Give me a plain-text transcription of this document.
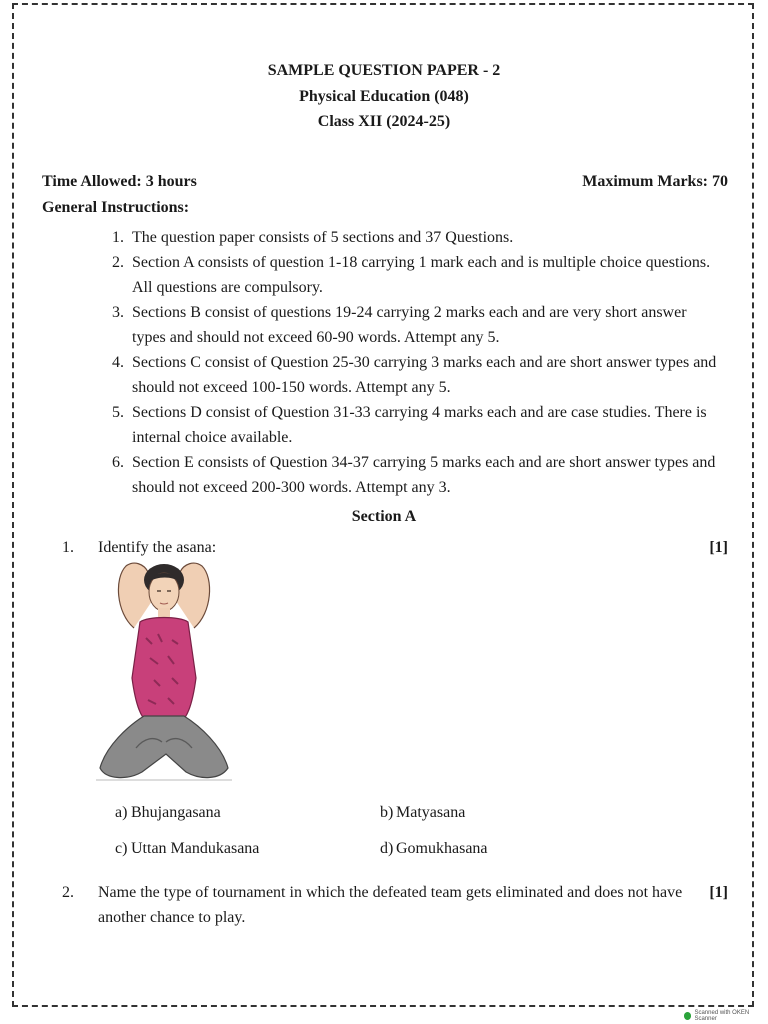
SAMPLE QUESTION PAPER - 2
Physical Education (048)
Class XII (2024-25)
Time Allowed: 3 hours	Maximum Marks: 70
General Instructions:
1. The question paper consists of 5 sections and 37 Questions.
2. Section A consists of question 1-18 carrying 1 mark each and is multiple choice questions. All questions are compulsory.
3. Sections B consist of questions 19-24 carrying 2 marks each and are very short answer types and should not exceed 60-90 words. Attempt any 5.
4. Sections C consist of Question 25-30 carrying 3 marks each and are short answer types and should not exceed 100-150 words. Attempt any 5.
5. Sections D consist of Question 31-33 carrying 4 marks each and are case studies. There is internal choice available.
6. Section E consists of Question 34-37 carrying 5 marks each and are short answer types and should not exceed 200-300 words. Attempt any 3.
Section A
1. Identify the asana:	[1]
a) Bhujangasana	b) Matyasana
c) Uttan Mandukasana	d) Gomukhasana
2. Name the type of tournament in which the defeated team gets eliminated and does not have another chance to play.
[1]
Scanned with OKEN Scanner
